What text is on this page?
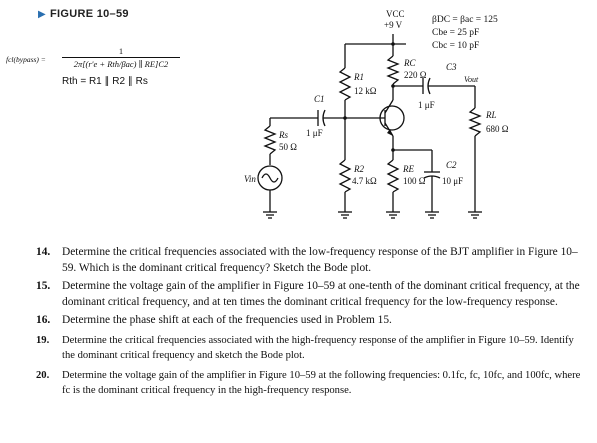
▶ FIGURE 10–59	βDC = βac = 125
Cbe = 25 pF
Cbc = 10 pF
fcl(bypass) =
1
2π[(r'e + Rth/βac) ∥ RE]C2
Rth = R1 ∥ R2 ∥ Rs
VCC
+9 V
RC
220 Ω
C3
Vout
1 μF
RL
680 Ω
R1
12 kΩ
C1
1 μF
Rs
50 Ω
Vin
R2
4.7 kΩ
RE
100 Ω
C2
10 μF
14.	Determine the critical frequencies associated with the low-frequency response of the BJT amplifier in Figure 10–59. Which is the dominant critical frequency? Sketch the Bode plot.
15.	Determine the voltage gain of the amplifier in Figure 10–59 at one-tenth of the dominant critical frequency, at the dominant critical frequency, and at ten times the dominant critical frequency for the low-frequency response.
16.	Determine the phase shift at each of the frequencies used in Problem 15.
19.	Determine the critical frequencies associated with the high-frequency response of the amplifier in Figure 10–59. Identify the dominant critical frequency and sketch the Bode plot.
20.	Determine the voltage gain of the amplifier in Figure 10–59 at the following frequencies: 0.1fc, fc, 10fc, and 100fc, where fc is the dominant critical frequency in the high-frequency response.
